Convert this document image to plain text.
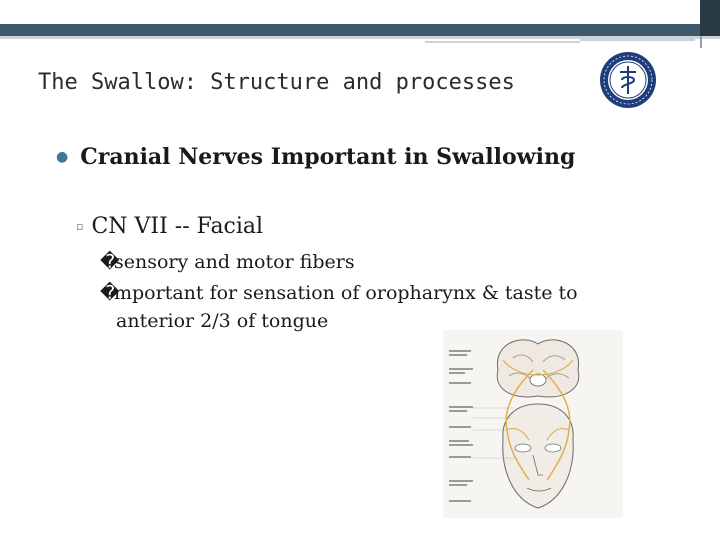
The Swallow: Structure and processes
● Cranial Nerves Important in Swallowing
▫ CN VII -- Facial
�sensory and motor fibers
�mportant for sensation of oropharynx & taste to
anterior 2/3 of tongue
